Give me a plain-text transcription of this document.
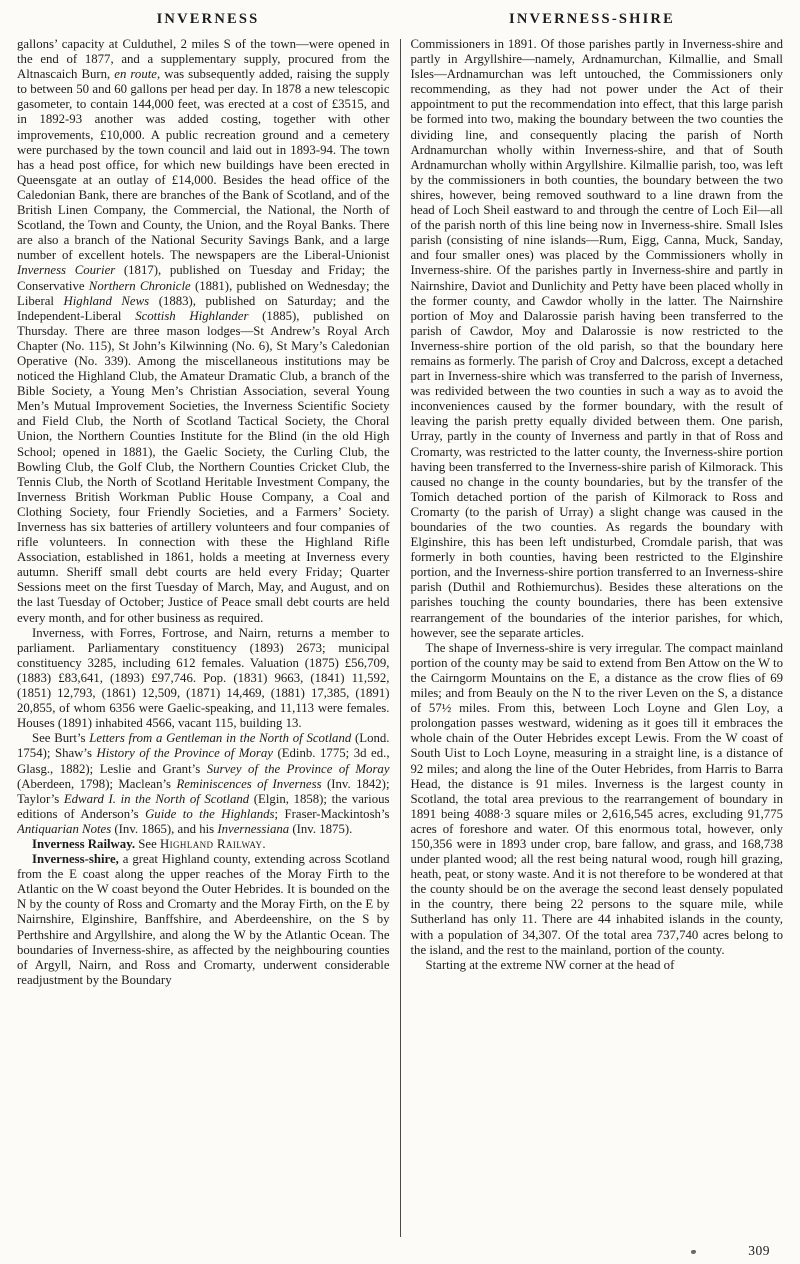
INVERNESS	INVERNESS-SHIRE

gallons’ capacity at Culduthel, 2 miles S of the town—were opened in the end of 1877, and a supplementary supply, procured from the Altnascaich Burn, en route, was subsequently added, raising the supply to between 50 and 60 gallons per head per day. In 1878 a new telescopic gasometer, to contain 144,000 feet, was erected at a cost of £3515, and in 1892-93 another was added costing, together with other improvements, £10,000. A public recreation ground and a cemetery were purchased by the town council and laid out in 1893-94. The town has a head post office, for which new buildings have been erected in Queensgate at an outlay of £14,000. Besides the head office of the Caledonian Bank, there are branches of the Bank of Scotland, and of the British Linen Company, the Commercial, the National, the North of Scotland, the Town and County, the Union, and the Royal Banks. There are also a branch of the National Security Savings Bank, and a large number of excellent hotels. The newspapers are the Liberal-Unionist Inverness Courier (1817), published on Tuesday and Friday; the Conservative Northern Chronicle (1881), published on Wednesday; the Liberal Highland News (1883), published on Saturday; and the Independent-Liberal Scottish Highlander (1885), published on Thursday. There are three mason lodges—St Andrew’s Royal Arch Chapter (No. 115), St John’s Kilwinning (No. 6), St Mary’s Caledonian Operative (No. 339). Among the miscellaneous institutions may be noticed the Highland Club, the Amateur Dramatic Club, a branch of the Bible Society, a Young Men’s Christian Association, several Young Men’s Mutual Improvement Societies, the Inverness Scientific Society and Field Club, the North of Scotland Tactical Society, the Choral Union, the Northern Counties Institute for the Blind (in the old High School; opened in 1881), the Gaelic Society, the Curling Club, the Bowling Club, the Golf Club, the Northern Counties Cricket Club, the Tennis Club, the North of Scotland Heritable Investment Company, the Inverness British Workman Public House Company, a Coal and Clothing Society, four Friendly Societies, and a Farmers’ Society. Inverness has six batteries of artillery volunteers and four companies of rifle volunteers. In connection with these the Highland Rifle Association, established in 1861, holds a meeting at Inverness every autumn. Sheriff small debt courts are held every Friday; Quarter Sessions meet on the first Tuesday of March, May, and August, and on the last Tuesday of October; Justice of Peace small debt courts are held every month, and for other business as required.

Inverness, with Forres, Fortrose, and Nairn, returns a member to parliament. Parliamentary constituency (1893) 2673; municipal constituency 3285, including 612 females. Valuation (1875) £56,709, (1883) £83,641, (1893) £97,746. Pop. (1831) 9663, (1841) 11,592, (1851) 12,793, (1861) 12,509, (1871) 14,469, (1881) 17,385, (1891) 20,855, of whom 6356 were Gaelic-speaking, and 11,113 were females. Houses (1891) inhabited 4566, vacant 115, building 13.

See Burt’s Letters from a Gentleman in the North of Scotland (Lond. 1754); Shaw’s History of the Province of Moray (Edinb. 1775; 3d ed., Glasg., 1882); Leslie and Grant’s Survey of the Province of Moray (Aberdeen, 1798); Maclean’s Reminiscences of Inverness (Inv. 1842); Taylor’s Edward I. in the North of Scotland (Elgin, 1858); the various editions of Anderson’s Guide to the Highlands; Fraser-Mackintosh’s Antiquarian Notes (Inv. 1865), and his Invernessiana (Inv. 1875).

Inverness Railway. See Highland Railway.

Inverness-shire, a great Highland county, extending across Scotland from the E coast along the upper reaches of the Moray Firth to the Atlantic on the W coast beyond the Outer Hebrides. It is bounded on the N by the county of Ross and Cromarty and the Moray Firth, on the E by Nairnshire, Elginshire, Banffshire, and Aberdeenshire, on the S by Perthshire and Argyllshire, and along the W by the Atlantic Ocean. The boundaries of Inverness-shire, as affected by the neighbouring counties of Argyll, Nairn, and Ross and Cromarty, underwent considerable readjustment by the Boundary

Commissioners in 1891. Of those parishes partly in Inverness-shire and partly in Argyllshire—namely, Ardnamurchan, Kilmallie, and Small Isles—Ardnamurchan was left untouched, the Commissioners only recommending, as they had not power under the Act of their appointment to put the recommendation into effect, that this large parish be formed into two, making the boundary between the two counties the dividing line, and consequently placing the parish of North Ardnamurchan wholly within Inverness-shire, and that of South Ardnamurchan wholly within Argyllshire. Kilmallie parish, too, was left by the commissioners in both counties, the boundary between the two shires, however, being removed southward to a line drawn from the head of Loch Sheil eastward to and through the centre of Loch Eil—all of the parish north of this line being now in Inverness-shire. Small Isles parish (consisting of nine islands—Rum, Eigg, Canna, Muck, Sanday, and four smaller ones) was placed by the Commissioners wholly in Inverness-shire. Of the parishes partly in Inverness-shire and partly in Nairnshire, Daviot and Dunlichity and Petty have been placed wholly in the former county, and Cawdor wholly in the latter. The Nairnshire portion of Moy and Dalarossie parish having been transferred to the parish of Cawdor, Moy and Dalarossie is now restricted to the Inverness-shire portion of the old parish, so that the boundary here remains as formerly. The parish of Croy and Dalcross, except a detached part in Inverness-shire which was transferred to the parish of Inverness, was redivided between the two counties in such a way as to avoid the inconveniences caused by the former boundary, with the result of leaving the parish pretty equally divided between them. One parish, Urray, partly in the county of Inverness and partly in that of Ross and Cromarty, was restricted to the latter county, the Inverness-shire portion having been transferred to the Inverness-shire parish of Kilmorack. This caused no change in the county boundaries, but by the transfer of the Tomich detached portion of the parish of Kilmorack to Ross and Cromarty (to the parish of Urray) a slight change was caused in the boundaries of the two counties. As regards the boundary with Elginshire, this has been left undisturbed, Cromdale parish, that was formerly in both counties, having been restricted to the Elginshire portion, and the Inverness-shire portion transferred to an Inverness-shire parish (Duthil and Rothiemurchus). Besides these alterations on the parishes touching the county boundaries, there has been extensive rearrangement of the boundaries of the interior parishes, for which, however, see the separate articles.

The shape of Inverness-shire is very irregular. The compact mainland portion of the county may be said to extend from Ben Attow on the W to the Cairngorm Mountains on the E, a distance as the crow flies of 69 miles; and from Beauly on the N to the river Leven on the S, a distance of 57½ miles. From this, between Loch Loyne and Glen Loy, a prolongation passes westward, widening as it goes till it embraces the whole chain of the Outer Hebrides except Lewis. From the W coast of South Uist to Loch Loyne, measuring in a straight line, is a distance of 92 miles; and along the line of the Outer Hebrides, from Harris to Barra Head, the distance is 91 miles. Inverness is the largest county in Scotland, the total area previous to the rearrangement of boundary in 1891 being 4088·3 square miles or 2,616,545 acres, excluding 91,775 acres of foreshore and water. Of this enormous total, however, only 150,356 were in 1893 under crop, bare fallow, and grass, and 168,738 under planted wood; all the rest being natural wood, rough hill grazing, heath, peat, or stony waste. And it is not therefore to be wondered at that the county should be on the average the second least densely populated in the country, there being 22 persons to the square mile, while Sutherland has only 11. There are 44 inhabited islands in the county, with a population of 34,307. Of the total area 737,740 acres belong to the island, and the rest to the mainland, portion of the county.

Starting at the extreme NW corner at the head of

309
